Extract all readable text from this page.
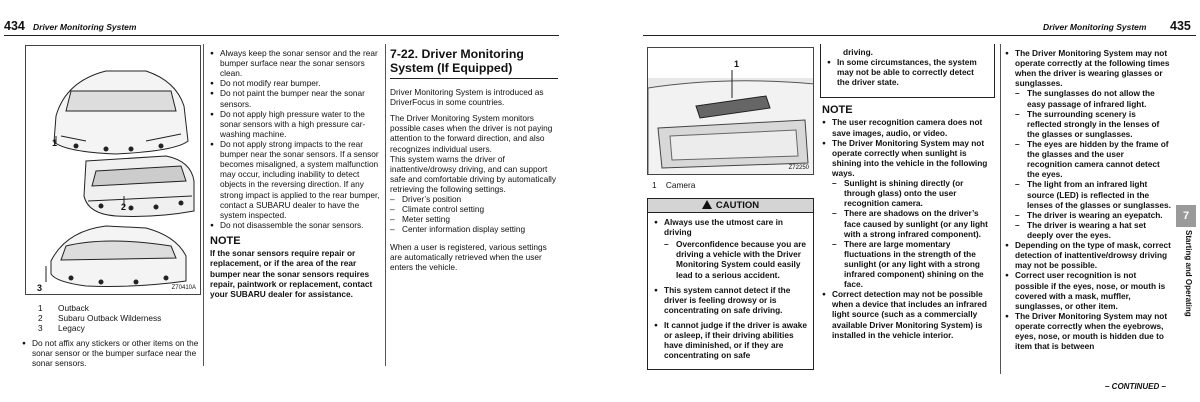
434 Driver Monitoring System
1
2
3	Z70410A
1 Outback
2 Subaru Outback Wilderness
3 Legacy

● Do not affix any stickers or other items on the sonar sensor or the bumper surface near the sonar sensors.

● Always keep the sonar sensor and the rear bumper surface near the sonar sensors clean.

● Do not modify rear bumper.

● Do not paint the bumper near the sonar sensors.

● Do not apply high pressure water to the sonar sensors with a high pressure car-washing machine.

● Do not apply strong impacts to the rear bumper near the sonar sensors. If a sensor becomes misaligned, a system malfunction may occur, including inability to detect objects in the reversing direction. If any strong impact is applied to the rear bumper, contact a SUBARU dealer to have the system inspected.

● Do not disassemble the sonar sensors.

NOTE

If the sonar sensors require repair or replacement, or if the area of the rear bumper near the sonar sensors requires repair, paintwork or replacement, contact your SUBARU dealer for assistance.

7-22. Driver Monitoring System (If Equipped)

Driver Monitoring System is introduced as DriverFocus in some countries.

The Driver Monitoring System monitors possible cases when the driver is not paying attention to the forward direction, and also recognizes individual users.

This system warns the driver of inattentive/drowsy driving, and can support safe and comfortable driving by automatically retrieving the following settings.

– Driver’s position

– Climate control setting

– Meter setting

– Center information display setting

When a user is registered, various settings are automatically retrieved when the user enters the vehicle.

Driver Monitoring System 435
1
Z72250
1 Camera
CAUTION

● Always use the utmost care in driving

– Overconfidence because you are driving a vehicle with the Driver Monitoring System could easily lead to a serious accident.

● This system cannot detect if the driver is feeling drowsy or is concentrating on safe driving.

● It cannot judge if the driver is awake or asleep, if their driving abilities have diminished, or if they are concentrating on safe

driving.

● In some circumstances, the system may not be able to correctly detect the driver state.

NOTE

● The user recognition camera does not save images, audio, or video.

● The Driver Monitoring System may not operate correctly when sunlight is shining into the vehicle in the following ways.

– Sunlight is shining directly (or through glass) onto the user recognition camera.

– There are shadows on the driver’s face caused by sunlight (or any light with a strong infrared component).

– There are large momentary fluctuations in the strength of the sunlight (or any light with a strong infrared component) shining on the face.

● Correct detection may not be possible when a device that includes an infrared light source (such as a commercially available Driver Monitoring System) is installed in the vehicle interior.

● The Driver Monitoring System may not operate correctly at the following times when the driver is wearing glasses or sunglasses.

– The sunglasses do not allow the easy passage of infrared light.

– The surrounding scenery is reflected strongly in the lenses of the glasses or sunglasses.

– The eyes are hidden by the frame of the glasses and the user recognition camera cannot detect the eyes.

– The light from an infrared light source (LED) is reflected in the lenses of the glasses or sunglasses.

– The driver is wearing an eyepatch.

– The driver is wearing a hat set deeply over the eyes.

● Depending on the type of mask, correct detection of inattentive/drowsy driving may not be possible.

● Correct user recognition is not possible if the eyes, nose, or mouth is covered with a mask, muffler, sunglasses, or other item.

● The Driver Monitoring System may not operate correctly when the eyebrows, eyes, nose, or mouth is hidden due to item that is between

– CONTINUED –
7
Starting and Operating
